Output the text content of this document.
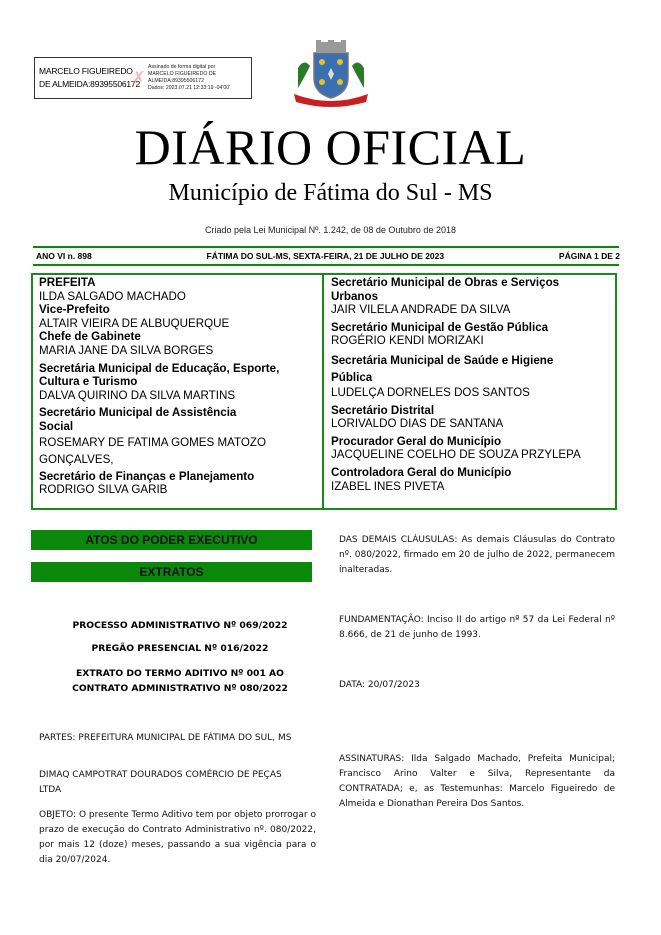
MARCELO FIGUEIREDO DE ALMEIDA:89395506172
✗
Assinado de forma digital por
MARCELO FIGUEIREDO DE
ALMEIDA:89395506172
Dados: 2023.07.21 12:33:19 -04'00'
DIÁRIO OFICIAL
Município de Fátima do Sul - MS
Criado pela Lei Municipal Nº. 1.242, de 08 de Outubro de 2018
ANO VI n. 898	FÁTIMA DO SUL-MS, SEXTA-FEIRA, 21 DE JULHO DE 2023	PÁGINA 1 DE 2
PREFEITA
ILDA SALGADO MACHADO
Vice-Prefeito
ALTAIR VIEIRA DE ALBUQUERQUE
Chefe de Gabinete
MARIA JANE DA SILVA BORGES
Secretária Municipal de Educação, Esporte, Cultura e Turismo
DALVA QUIRINO DA SILVA MARTINS
Secretário Municipal de Assistência Social
ROSEMARY DE FATIMA GOMES MATOZO GONÇALVES,
Secretário de Finanças e Planejamento
RODRIGO SILVA GARIB
Secretário Municipal de Obras e Serviços Urbanos
JAIR VILELA ANDRADE DA SILVA
Secretário Municipal de Gestão Pública
ROGÉRIO KENDI MORIZAKI
Secretária Municipal de Saúde e Higiene Pública
LUDELÇA DORNELES DOS SANTOS
Secretário Distrital
LORIVALDO DIAS DE SANTANA
Procurador Geral do Município
JACQUELINE COELHO DE SOUZA PRZYLEPA
Controladora Geral do Município
IZABEL INES PIVETA
ATOS DO PODER EXECUTIVO
EXTRATOS
PROCESSO ADMINISTRATIVO Nº 069/2022
PREGÃO PRESENCIAL Nº 016/2022
EXTRATO DO TERMO ADITIVO Nº 001 AO
CONTRATO ADMINISTRATIVO Nº 080/2022
PARTES: PREFEITURA MUNICIPAL DE FÁTIMA DO SUL, MS
DIMAQ CAMPOTRAT DOURADOS COMÉRCIO DE PEÇAS LTDA
OBJETO: O presente Termo Aditivo tem por objeto prorrogar o prazo de execução do Contrato Administrativo nº. 080/2022, por mais 12 (doze) meses, passando a sua vigência para o dia 20/07/2024.
DAS DEMAIS CLÁUSULAS: As demais Cláusulas do Contrato nº. 080/2022, firmado em 20 de julho de 2022, permanecem inalteradas.
FUNDAMENTAÇÃO: Inciso II do artigo nº 57 da Lei Federal nº 8.666, de 21 de junho de 1993.
DATA: 20/07/2023
ASSINATURAS: Ilda Salgado Machado, Prefeita Municipal; Francisco Arino Valter e Silva, Representante da CONTRATADA; e, as Testemunhas: Marcelo Figueiredo de Almeida e Dionathan Pereira Dos Santos.
